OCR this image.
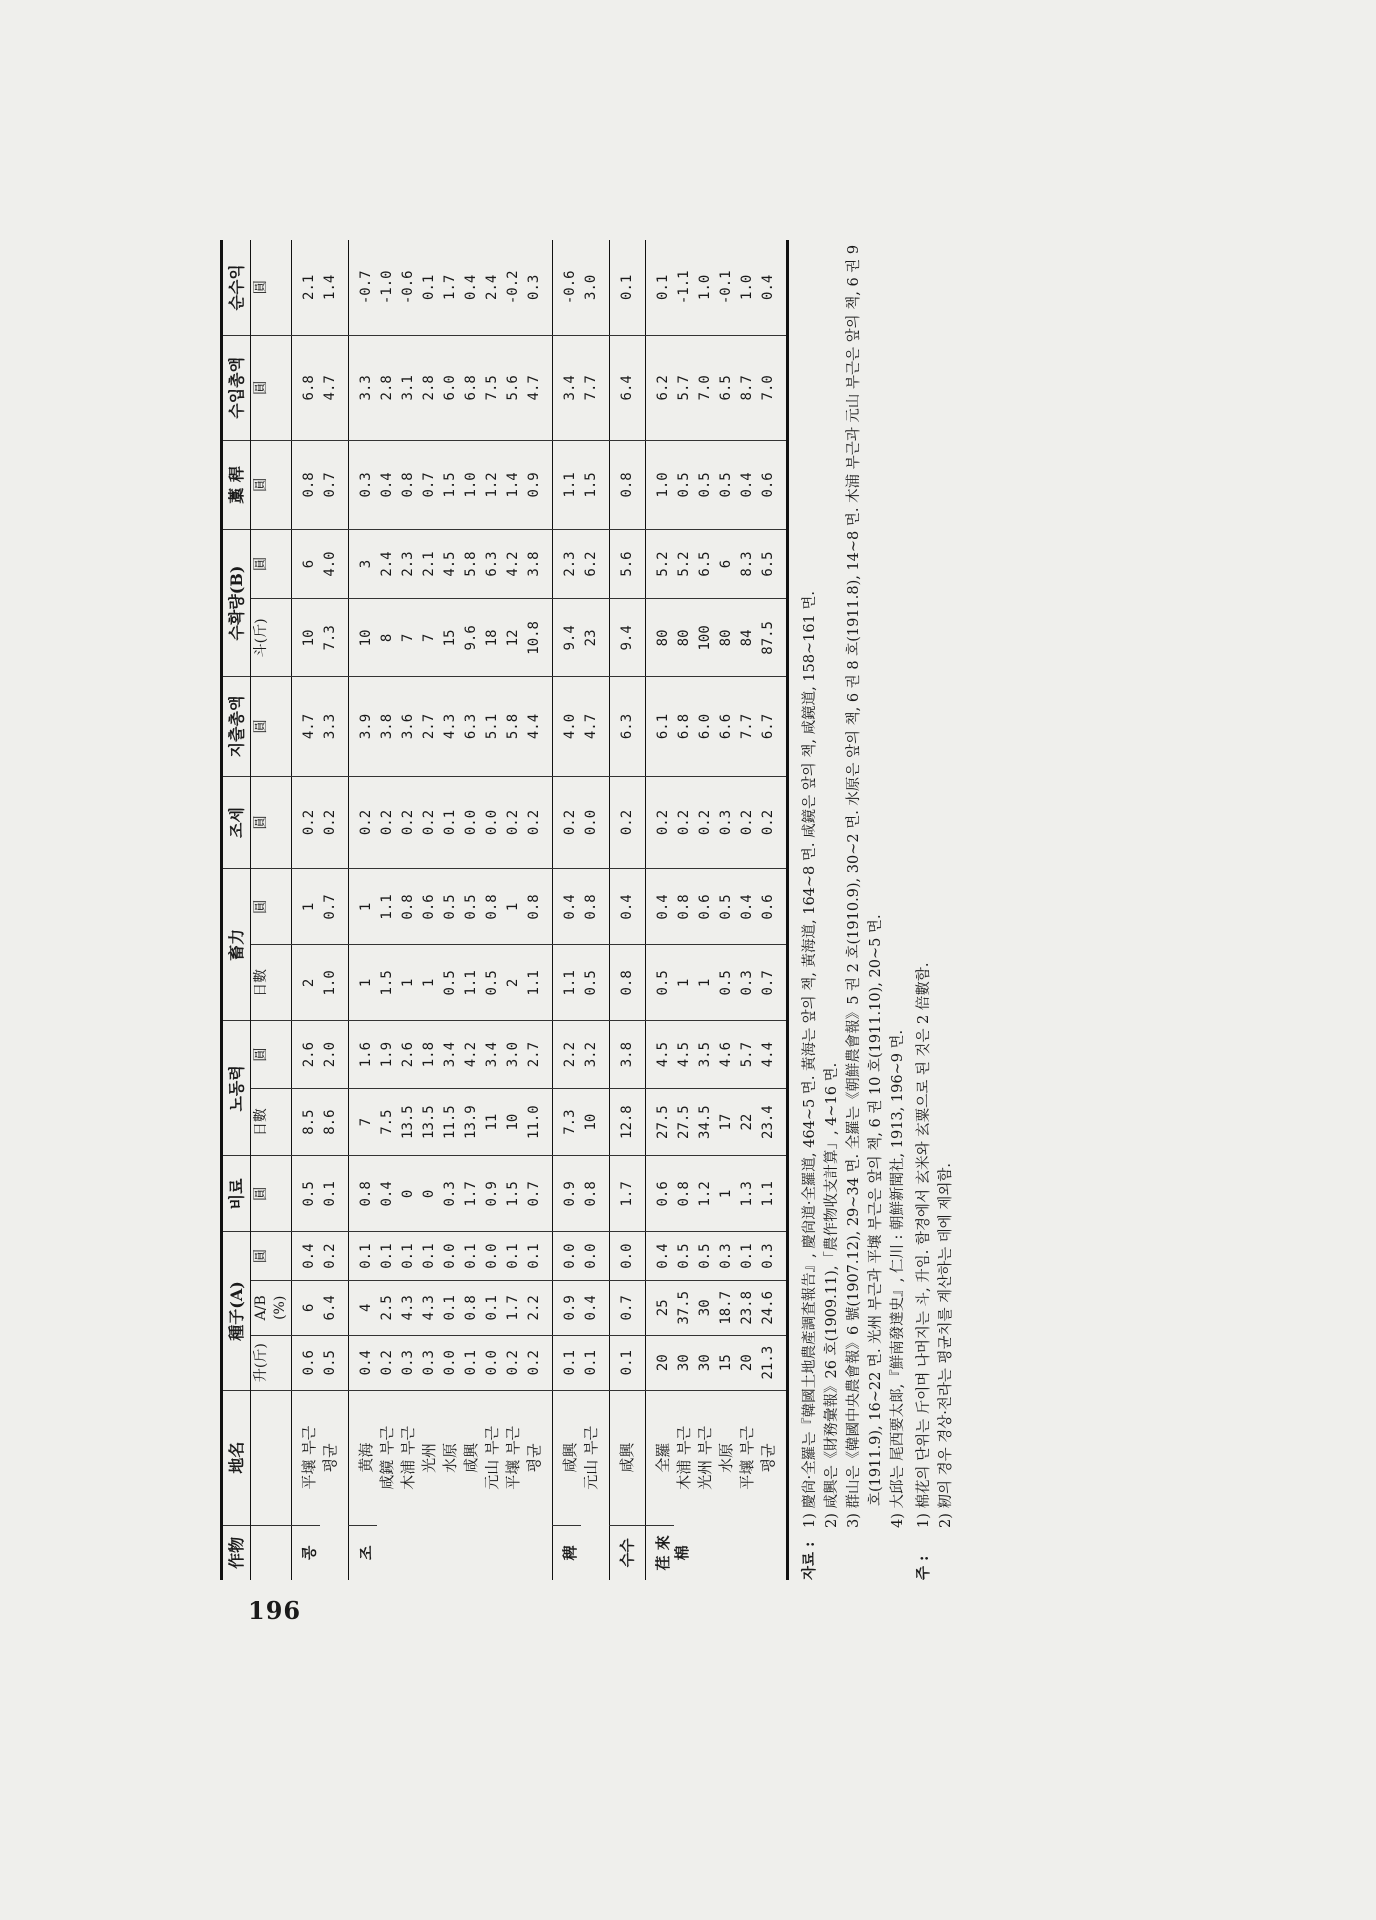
196
作物	地名	種子(A)			비료	노동력		畜力		조세	지출총액	수확량(B)		藁 稈	수입총액	순수익
		升(斤)	A/B (%)	圓	圓	日數	圓	日數	圓	圓	圓	斗(斤)	圓	圓	圓	圓
콩	平壤 부근	0.6	6	0.4	0.5	8.5	2.6	2	1	0.2	4.7	10	6	0.8	6.8	2.1
	평균	0.5	6.4	0.2	0.1	8.6	2.0	1.0	0.7	0.2	3.3	7.3	4.0	0.7	4.7	1.4
조	黄海	0.4	4	0.1	0.8	7	1.6	1	1	0.2	3.9	10	3	0.3	3.3	-0.7
	咸鏡 부근	0.2	2.5	0.1	0.4	7.5	1.9	1.5	1.1	0.2	3.8	8	2.4	0.4	2.8	-1.0
	木浦 부근	0.3	4.3	0.1	0	13.5	2.6	1	0.8	0.2	3.6	7	2.3	0.8	3.1	-0.6
	光州	0.3	4.3	0.1	0	13.5	1.8	1	0.6	0.2	2.7	7	2.1	0.7	2.8	0.1
	水原	0.0	0.1	0.0	0.3	11.5	3.4	0.5	0.5	0.1	4.3	15	4.5	1.5	6.0	1.7
	咸興	0.1	0.8	0.1	1.7	13.9	4.2	1.1	0.5	0.0	6.3	9.6	5.8	1.0	6.8	0.4
	元山 부근	0.0	0.1	0.0	0.9	11	3.4	0.5	0.8	0.0	5.1	18	6.3	1.2	7.5	2.4
	平壤 부근	0.2	1.7	0.1	1.5	10	3.0	2	1	0.2	5.8	12	4.2	1.4	5.6	-0.2
	평균	0.2	2.2	0.1	0.7	11.0	2.7	1.1	0.8	0.2	4.4	10.8	3.8	0.9	4.7	0.3
稗	咸興	0.1	0.9	0.0	0.9	7.3	2.2	1.1	0.4	0.2	4.0	9.4	2.3	1.1	3.4	-0.6
	元山 부근	0.1	0.4	0.0	0.8	10	3.2	0.5	0.8	0.0	4.7	23	6.2	1.5	7.7	3.0
수수	咸興	0.1	0.7	0.0	1.7	12.8	3.8	0.8	0.4	0.2	6.3	9.4	5.6	0.8	6.4	0.1
荏 來 棉	全羅	20	25	0.4	0.6	27.5	4.5	0.5	0.4	0.2	6.1	80	5.2	1.0	6.2	0.1
	木浦 부근	30	37.5	0.5	0.8	27.5	4.5	1	0.8	0.2	6.8	80	5.2	0.5	5.7	-1.1
	光州 부근	30	30	0.5	1.2	34.5	3.5	1	0.6	0.2	6.0	100	6.5	0.5	7.0	1.0
	水原	15	18.7	0.3	1	17	4.6	0.5	0.5	0.3	6.6	80	6	0.5	6.5	-0.1
	平壤 부근	20	23.8	0.1	1.3	22	5.7	0.3	0.4	0.2	7.7	84	8.3	0.4	8.7	1.0
	평균	21.3	24.6	0.3	1.1	23.4	4.4	0.7	0.6	0.2	6.7	87.5	6.5	0.6	7.0	0.4
자료 :
1) 慶尙·全羅는『韓國土地農產調査報告』, 慶尙道·全羅道, 464~5 면. 黃海는 앞의 책, 黃海道, 164~8 면. 咸鏡은 앞의 책, 咸鏡道, 158~161 면. 2) 咸興은《財務彙報》26 호(1909.11),「農作物收支計算」, 4~16 면. 3) 群山은《韓國中央農會報》6 號(1907.12), 29~34 면. 全羅는《朝鮮農會報》5 권 2 호(1910.9), 30~2 면. 水原은 앞의 책, 6 권 8 호(1911.8), 14~8 면. 木浦 부근과 元山 부근은 앞의 책, 6 권 9 호(1911.9), 16~22 면. 光州 부근과 平壤 부근은 앞의 책, 6 권 10 호(1911.10), 20~5 면. 4) 大邱는 尾西要太郞,『鮮南發達史』, 仁川 : 朝鮮新聞社, 1913, 196~9 면.
주 :
1) 棉花의 단위는 斤이며 나머지는 斗, 升임. 함경에서 玄米와 玄粟으로 된 것은 2 倍數함. 2) 籾의 경우 경상·전라는 평균치를 계산하는 데에 제외함.
